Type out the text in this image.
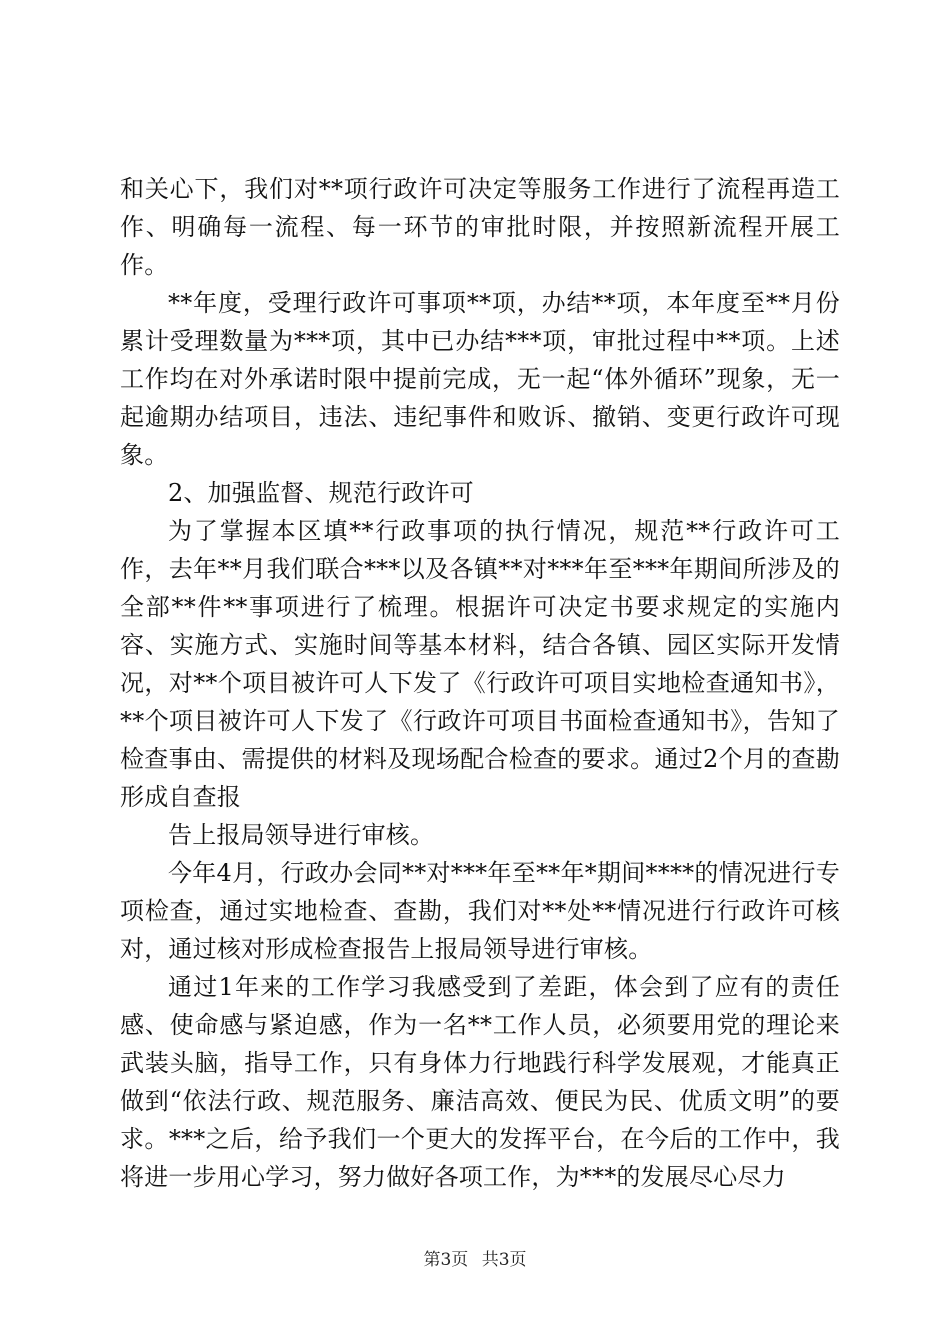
和关心下，我们对**项行政许可决定等服务工作进行了流程再造工作、明确每一流程、每一环节的审批时限，并按照新流程开展工作。

**年度，受理行政许可事项**项，办结**项，本年度至**月份累计受理数量为***项，其中已办结***项，审批过程中**项。上述工作均在对外承诺时限中提前完成，无一起“体外循环”现象，无一起逾期办结项目，违法、违纪事件和败诉、撤销、变更行政许可现象。

2、加强监督、规范行政许可

为了掌握本区填**行政事项的执行情况，规范**行政许可工作，去年**月我们联合***以及各镇**对***年至***年期间所涉及的全部**件**事项进行了梳理。根据许可决定书要求规定的实施内容、实施方式、实施时间等基本材料，结合各镇、园区实际开发情况，对**个项目被许可人下发了《行政许可项目实地检查通知书》，**个项目被许可人下发了《行政许可项目书面检查通知书》，告知了检查事由、需提供的材料及现场配合检查的要求。通过2个月的查勘形成自查报

告上报局领导进行审核。

今年4月，行政办会同**对***年至**年*期间****的情况进行专项检查，通过实地检查、查勘，我们对**处**情况进行行政许可核对，通过核对形成检查报告上报局领导进行审核。

通过1年来的工作学习我感受到了差距，体会到了应有的责任感、使命感与紧迫感，作为一名**工作人员，必须要用党的理论来武装头脑，指导工作，只有身体力行地践行科学发展观，才能真正做到“依法行政、规范服务、廉洁高效、便民为民、优质文明”的要求。***之后，给予我们一个更大的发挥平台，在今后的工作中，我将进一步用心学习，努力做好各项工作，为***的发展尽心尽力

第3页 共3页
